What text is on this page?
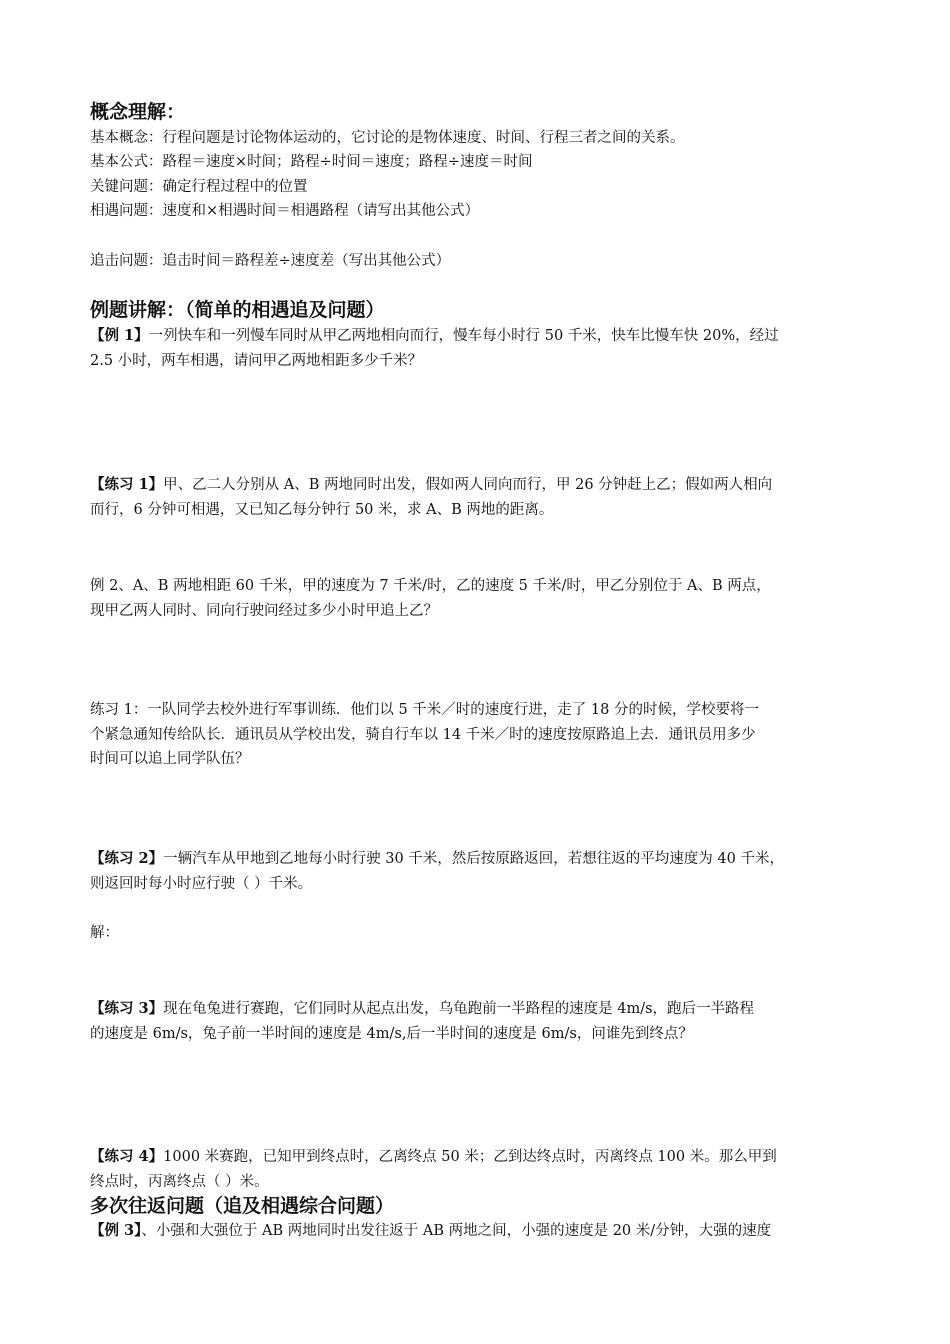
概念理解：
基本概念：行程问题是讨论物体运动的，它讨论的是物体速度、时间、行程三者之间的关系。
基本公式：路程＝速度×时间；路程÷时间＝速度；路程÷速度＝时间
关键问题：确定行程过程中的位置
相遇问题：速度和×相遇时间＝相遇路程（请写出其他公式）
追击问题：追击时间＝路程差÷速度差（写出其他公式）
例题讲解：（简单的相遇追及问题）
【例 1】一列快车和一列慢车同时从甲乙两地相向而行，慢车每小时行 50 千米，快车比慢车快 20%，经过
2.5 小时，两车相遇，请问甲乙两地相距多少千米？
【练习 1】甲、乙二人分别从 A、B 两地同时出发，假如两人同向而行，甲 26 分钟赶上乙；假如两人相向
而行，6 分钟可相遇，又已知乙每分钟行 50 米，求 A、B 两地的距离。
例 2、A、B 两地相距 60 千米，甲的速度为 7 千米/时，乙的速度 5 千米/时，甲乙分别位于 A、B 两点，
现甲乙两人同时、同向行驶问经过多少小时甲追上乙？
练习 1：一队同学去校外进行军事训练．他们以 5 千米／时的速度行进，走了 18 分的时候，学校要将一
个紧急通知传给队长．通讯员从学校出发，骑自行车以 14 千米／时的速度按原路追上去．通讯员用多少
时间可以追上同学队伍？
【练习 2】一辆汽车从甲地到乙地每小时行驶 30 千米，然后按原路返回，若想往返的平均速度为 40 千米，
则返回时每小时应行驶（ ）千米。
解：
【练习 3】现在龟兔进行赛跑，它们同时从起点出发，乌龟跑前一半路程的速度是 4m/s，跑后一半路程
的速度是 6m/s，兔子前一半时间的速度是 4m/s,后一半时间的速度是 6m/s，问谁先到终点？
【练习 4】1000 米赛跑，已知甲到终点时，乙离终点 50 米；乙到达终点时，丙离终点 100 米。那么甲到
终点时，丙离终点（ ）米。
多次往返问题（追及相遇综合问题）
【例 3】、小强和大强位于 AB 两地同时出发往返于 AB 两地之间，小强的速度是 20 米/分钟，大强的速度
